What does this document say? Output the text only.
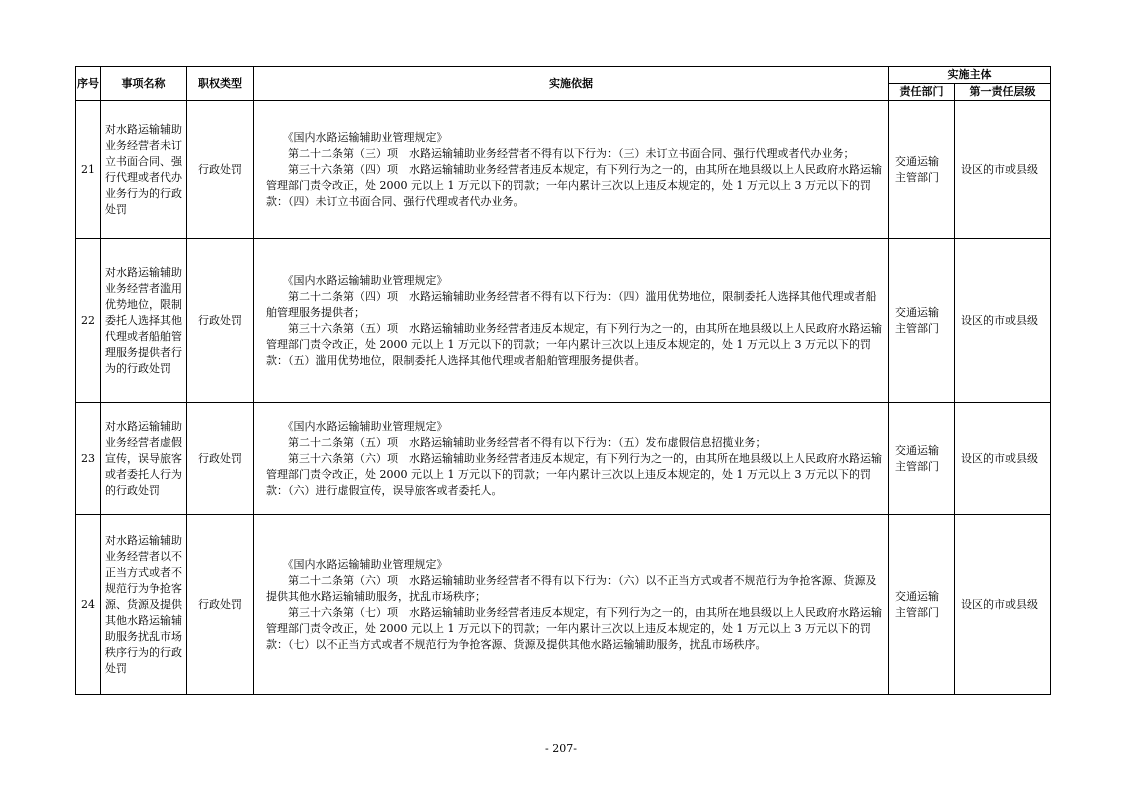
序号	事项名称	职权类型	实施依据	实施主体	
				责任部门	第一责任层级
21	对水路运输辅助业务经营者未订立书面合同、强行代理或者代办业务行为的行政处罚	行政处罚	《国内水路运输辅助业管理规定》

第二十二条第（三）项　水路运输辅助业务经营者不得有以下行为：（三）未订立书面合同、强行代理或者代办业务；

第三十六条第（四）项　水路运输辅助业务经营者违反本规定，有下列行为之一的，由其所在地县级以上人民政府水路运输管理部门责令改正，处 2000 元以上 1 万元以下的罚款；一年内累计三次以上违反本规定的，处 1 万元以上 3 万元以下的罚款：（四）未订立书面合同、强行代理或者代办业务。	交通运输主管部门	设区的市或县级
22	对水路运输辅助业务经营者滥用优势地位，限制委托人选择其他代理或者船舶管理服务提供者行为的行政处罚	行政处罚	《国内水路运输辅助业管理规定》

第二十二条第（四）项　水路运输辅助业务经营者不得有以下行为：（四）滥用优势地位，限制委托人选择其他代理或者船舶管理服务提供者；

第三十六条第（五）项　水路运输辅助业务经营者违反本规定，有下列行为之一的，由其所在地县级以上人民政府水路运输管理部门责令改正，处 2000 元以上 1 万元以下的罚款；一年内累计三次以上违反本规定的，处 1 万元以上 3 万元以下的罚款：（五）滥用优势地位，限制委托人选择其他代理或者船舶管理服务提供者。	交通运输主管部门	设区的市或县级
23	对水路运输辅助业务经营者虚假宣传，误导旅客或者委托人行为的行政处罚	行政处罚	《国内水路运输辅助业管理规定》

第二十二条第（五）项　水路运输辅助业务经营者不得有以下行为：（五）发布虚假信息招揽业务；

第三十六条第（六）项　水路运输辅助业务经营者违反本规定，有下列行为之一的，由其所在地县级以上人民政府水路运输管理部门责令改正，处 2000 元以上 1 万元以下的罚款；一年内累计三次以上违反本规定的，处 1 万元以上 3 万元以下的罚款：（六）进行虚假宣传，误导旅客或者委托人。	交通运输主管部门	设区的市或县级
24	对水路运输辅助业务经营者以不正当方式或者不规范行为争抢客源、货源及提供其他水路运输辅助服务扰乱市场秩序行为的行政处罚	行政处罚	《国内水路运输辅助业管理规定》

第二十二条第（六）项　水路运输辅助业务经营者不得有以下行为：（六）以不正当方式或者不规范行为争抢客源、货源及提供其他水路运输辅助服务，扰乱市场秩序；

第三十六条第（七）项　水路运输辅助业务经营者违反本规定，有下列行为之一的，由其所在地县级以上人民政府水路运输管理部门责令改正，处 2000 元以上 1 万元以下的罚款；一年内累计三次以上违反本规定的，处 1 万元以上 3 万元以下的罚款：（七）以不正当方式或者不规范行为争抢客源、货源及提供其他水路运输辅助服务，扰乱市场秩序。	交通运输主管部门	设区的市或县级
- 207-
